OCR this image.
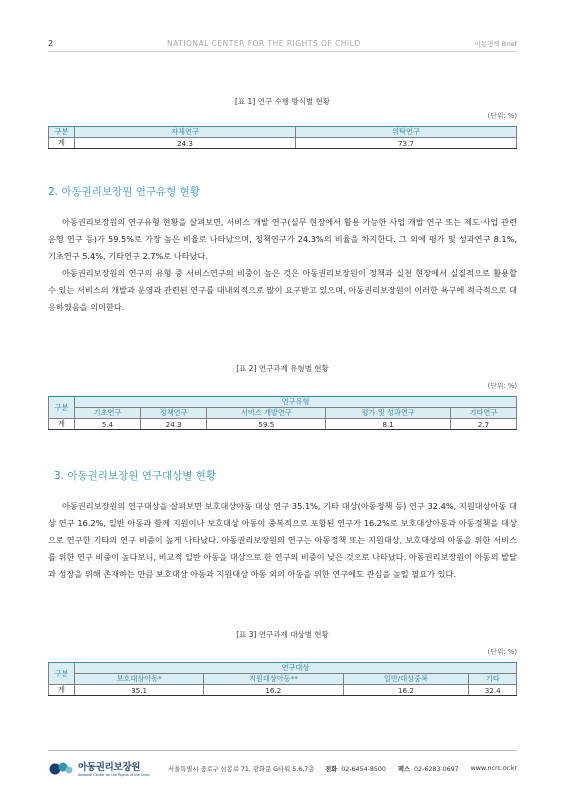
2	NATIONAL CENTER FOR THE RIGHTS OF CHILD	아동정책 Brief
[표 1] 연구 수행 방식별 현황
(단위: %)
구분	자체연구	위탁연구
계	24.3	73.7
2. 아동권리보장원 연구유형 현황

아동권리보장원의 연구유형 현황을 살펴보면, 서비스 개발 연구(실무 현장에서 활용 가능한 사업 개발 연구 또는 제도·사업 관련 운영 연구 등)가 59.5%로 가장 높은 비율로 나타났으며, 정책연구가 24.3%의 비율을 차지한다. 그 외에 평가 및 성과연구 8.1%, 기초연구 5.4%, 기타연구 2.7%로 나타났다.

아동권리보장원의 연구의 유형 중 서비스연구의 비중이 높은 것은 아동권리보장원이 정책과 실천 현장에서 실질적으로 활용할 수 있는 서비스의 개발과 운영과 관련된 연구를 대내외적으로 많이 요구받고 있으며, 아동권리보장원이 이러한 욕구에 적극적으로 대응하였음을 의미한다.

[표 2] 연구과제 유형별 현황
(단위: %)
구분	연구유형				
	기초연구	정책연구	서비스 개발연구	평가 및 성과연구	기타연구
계	5.4	24.3	59.5	8.1	2.7
3. 아동권리보장원 연구대상별 현황

아동권리보장원의 연구대상을 살펴보면 보호대상아동 대상 연구 35.1%, 기타 대상(아동정책 등) 연구 32.4%, 지원대상아동 대상 연구 16.2%, 일반 아동과 함께 지원이나 보호대상 아동이 중복적으로 포함된 연구가 16.2%로 보호대상아동과 아동정책을 대상으로 연구한 기타의 연구 비중이 높게 나타났다. 아동권리보장원의 연구는 아동정책 또는 지원대상, 보호대상의 아동을 위한 서비스를 위한 연구 비중이 높다보니, 비교적 일반 아동을 대상으로 한 연구의 비중이 낮은 것으로 나타났다. 아동권리보장원이 아동의 발달과 성장을 위해 존재하는 만큼 보호대상 아동과 지원대상 아동 외의 아동을 위한 연구에도 관심을 높일 필요가 있다.

[표 3] 연구과제 대상별 현황
(단위: %)
구분	연구대상			
	보호대상아동*	지원대상아동**	일반/대상중복	기타
계	35.1	16.2	16.2	32.4
아동권리보장원
National Center for the Rights of the Child
서울특별시 중로구 삼봉로 71, 광화문 G타워 5,6,7층	전화 02-6454-8500 팩스 02-6283-0697 www.ncrc.or.kr
